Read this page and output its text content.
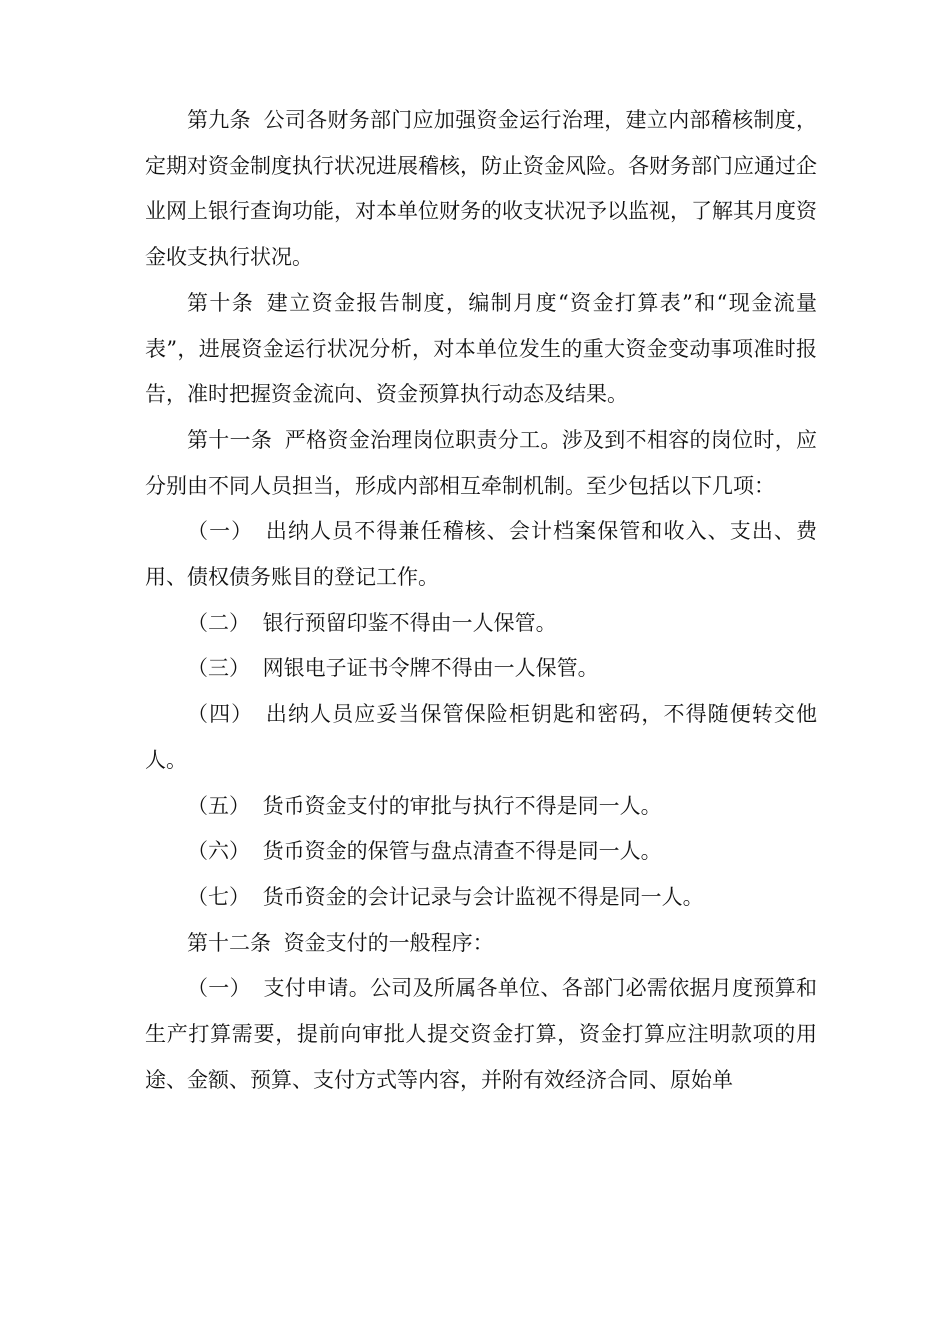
第九条 公司各财务部门应加强资金运行治理，建立内部稽核制度，定期对资金制度执行状况进展稽核，防止资金风险。各财务部门应通过企业网上银行查询功能，对本单位财务的收支状况予以监视，了解其月度资金收支执行状况。

第十条 建立资金报告制度，编制月度“资金打算表”和“现金流量表”，进展资金运行状况分析，对本单位发生的重大资金变动事项准时报告，准时把握资金流向、资金预算执行动态及结果。

第十一条 严格资金治理岗位职责分工。涉及到不相容的岗位时，应分别由不同人员担当，形成内部相互牵制机制。至少包括以下几项：

（一） 出纳人员不得兼任稽核、会计档案保管和收入、支出、费用、债权债务账目的登记工作。

（二） 银行预留印鉴不得由一人保管。

（三） 网银电子证书令牌不得由一人保管。

（四） 出纳人员应妥当保管保险柜钥匙和密码，不得随便转交他人。

（五） 货币资金支付的审批与执行不得是同一人。

（六） 货币资金的保管与盘点清查不得是同一人。

（七） 货币资金的会计记录与会计监视不得是同一人。

第十二条 资金支付的一般程序：

（一） 支付申请。公司及所属各单位、各部门必需依据月度预算和生产打算需要，提前向审批人提交资金打算，资金打算应注明款项的用途、金额、预算、支付方式等内容，并附有效经济合同、原始单
